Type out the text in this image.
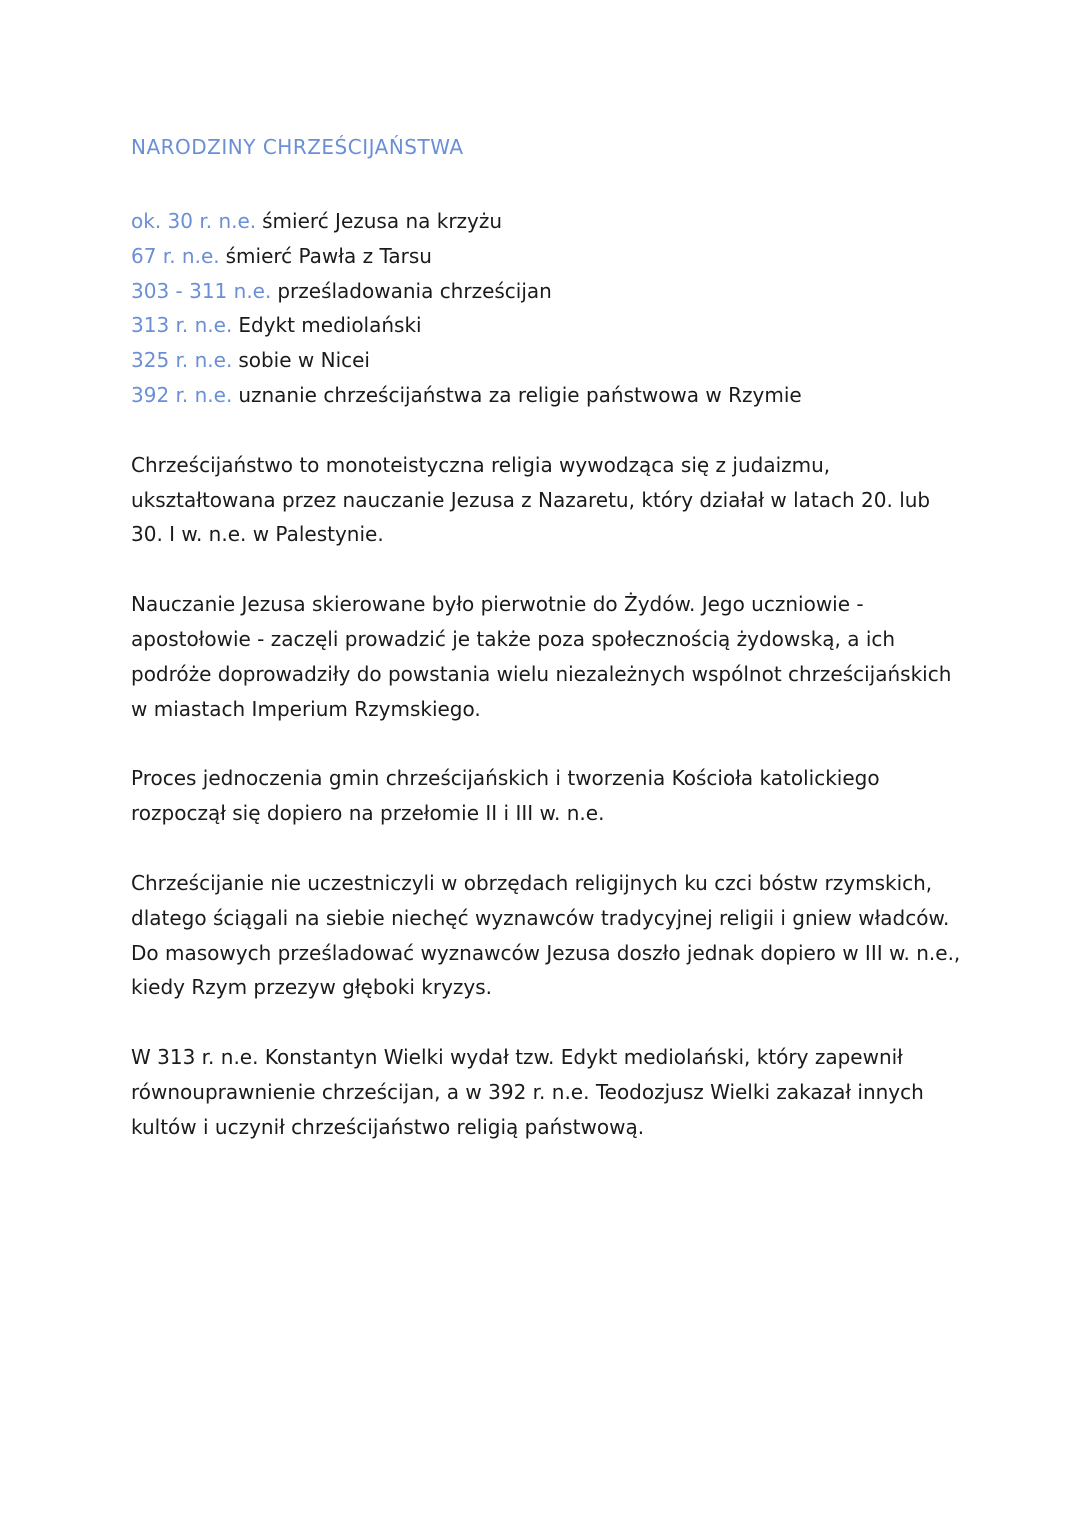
NARODZINY CHRZEŚCIJAŃSTWA
ok. 30 r. n.e. śmierć Jezusa na krzyżu
67 r. n.e. śmierć Pawła z Tarsu
303 - 311 n.e. prześladowania chrześcijan
313 r. n.e. Edykt mediolański
325 r. n.e. sobie w Nicei
392 r. n.e. uznanie chrześcijaństwa za religie państwowa w Rzymie

Chrześcijaństwo to monoteistyczna religia wywodząca się z judaizmu, ukształtowana przez nauczanie Jezusa z Nazaretu, który działał w latach 20. lub 30. I w. n.e. w Palestynie.

Nauczanie Jezusa skierowane było pierwotnie do Żydów. Jego uczniowie - apostołowie - zaczęli prowadzić je także poza społecznością żydowską, a ich podróże doprowadziły do powstania wielu niezależnych wspólnot chrześcijańskich w miastach Imperium Rzymskiego.

Proces jednoczenia gmin chrześcijańskich i tworzenia Kościoła katolickiego rozpoczął się dopiero na przełomie II i III w. n.e.

Chrześcijanie nie uczestniczyli w obrzędach religijnych ku czci bóstw rzymskich, dlatego ściągali na siebie niechęć wyznawców tradycyjnej religii i gniew władców. Do masowych prześladować wyznawców Jezusa doszło jednak dopiero w III w. n.e., kiedy Rzym przezyw głęboki kryzys.

W 313 r. n.e. Konstantyn Wielki wydał tzw. Edykt mediolański, który zapewnił równouprawnienie chrześcijan, a w 392 r. n.e. Teodozjusz Wielki zakazał innych kultów i uczynił chrześcijaństwo religią państwową.
